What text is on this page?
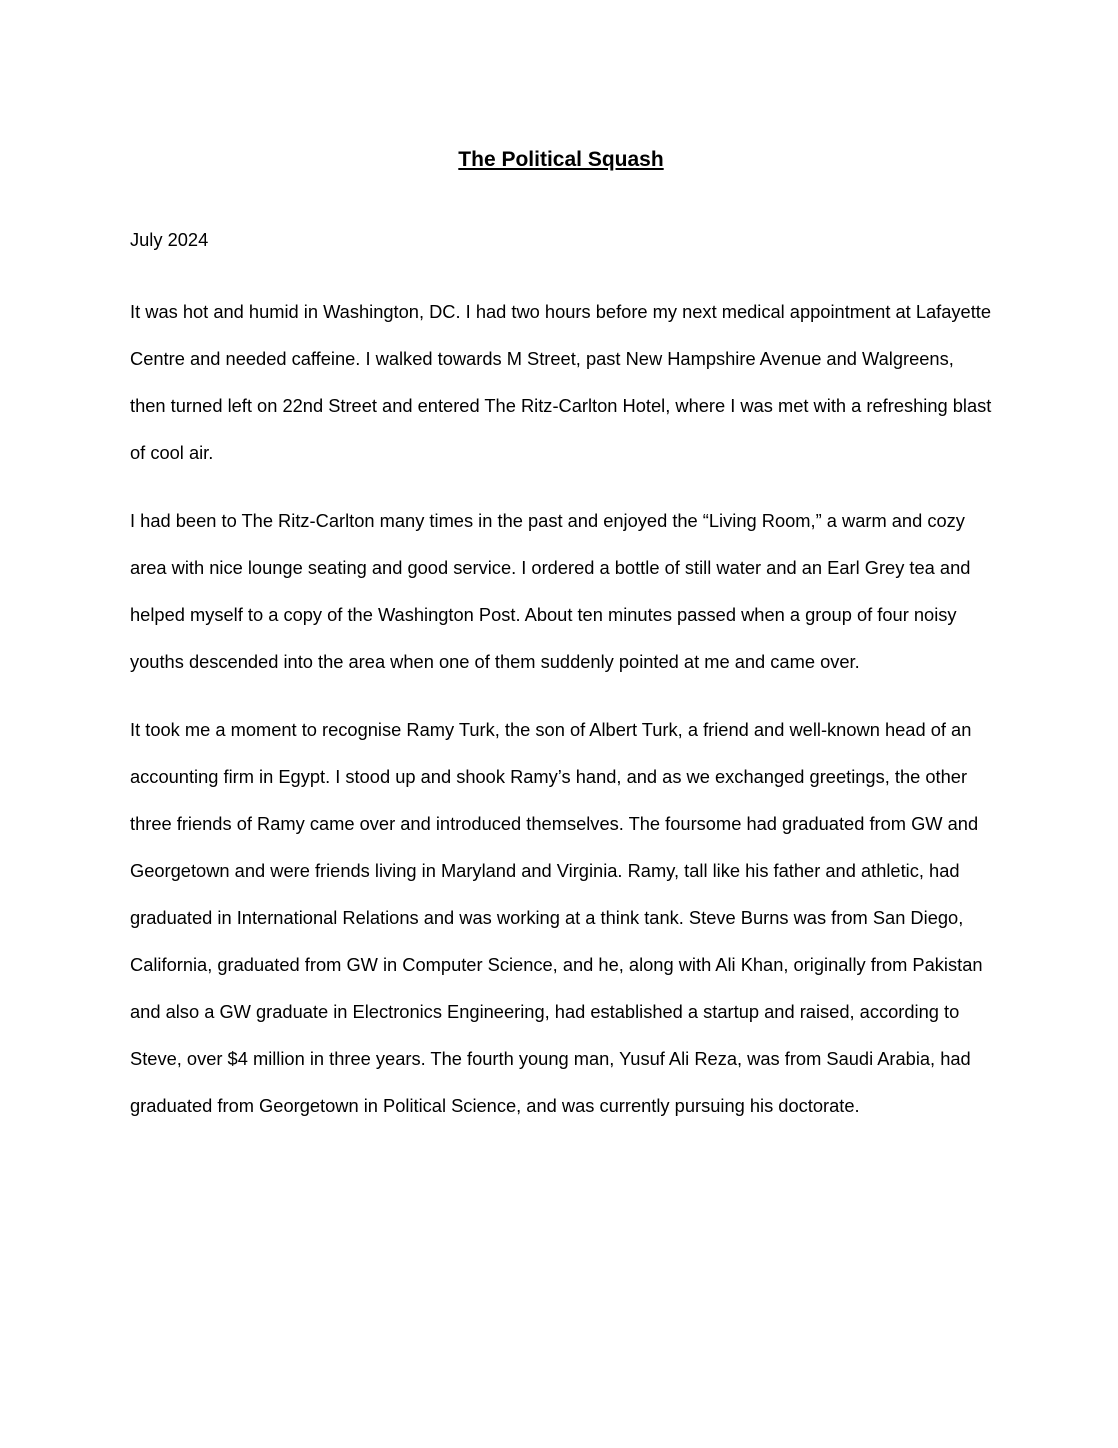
The Political Squash

July 2024

It was hot and humid in Washington, DC. I had two hours before my next medical appointment at Lafayette Centre and needed caffeine. I walked towards M Street, past New Hampshire Avenue and Walgreens, then turned left on 22nd Street and entered The Ritz-Carlton Hotel, where I was met with a refreshing blast of cool air.

I had been to The Ritz-Carlton many times in the past and enjoyed the “Living Room,” a warm and cozy area with nice lounge seating and good service. I ordered a bottle of still water and an Earl Grey tea and helped myself to a copy of the Washington Post. About ten minutes passed when a group of four noisy youths descended into the area when one of them suddenly pointed at me and came over.

It took me a moment to recognise Ramy Turk, the son of Albert Turk, a friend and well-known head of an accounting firm in Egypt. I stood up and shook Ramy’s hand, and as we exchanged greetings, the other three friends of Ramy came over and introduced themselves. The foursome had graduated from GW and Georgetown and were friends living in Maryland and Virginia. Ramy, tall like his father and athletic, had graduated in International Relations and was working at a think tank. Steve Burns was from San Diego, California, graduated from GW in Computer Science, and he, along with Ali Khan, originally from Pakistan and also a GW graduate in Electronics Engineering, had established a startup and raised, according to Steve, over $4 million in three years. The fourth young man, Yusuf Ali Reza, was from Saudi Arabia, had graduated from Georgetown in Political Science, and was currently pursuing his doctorate.
